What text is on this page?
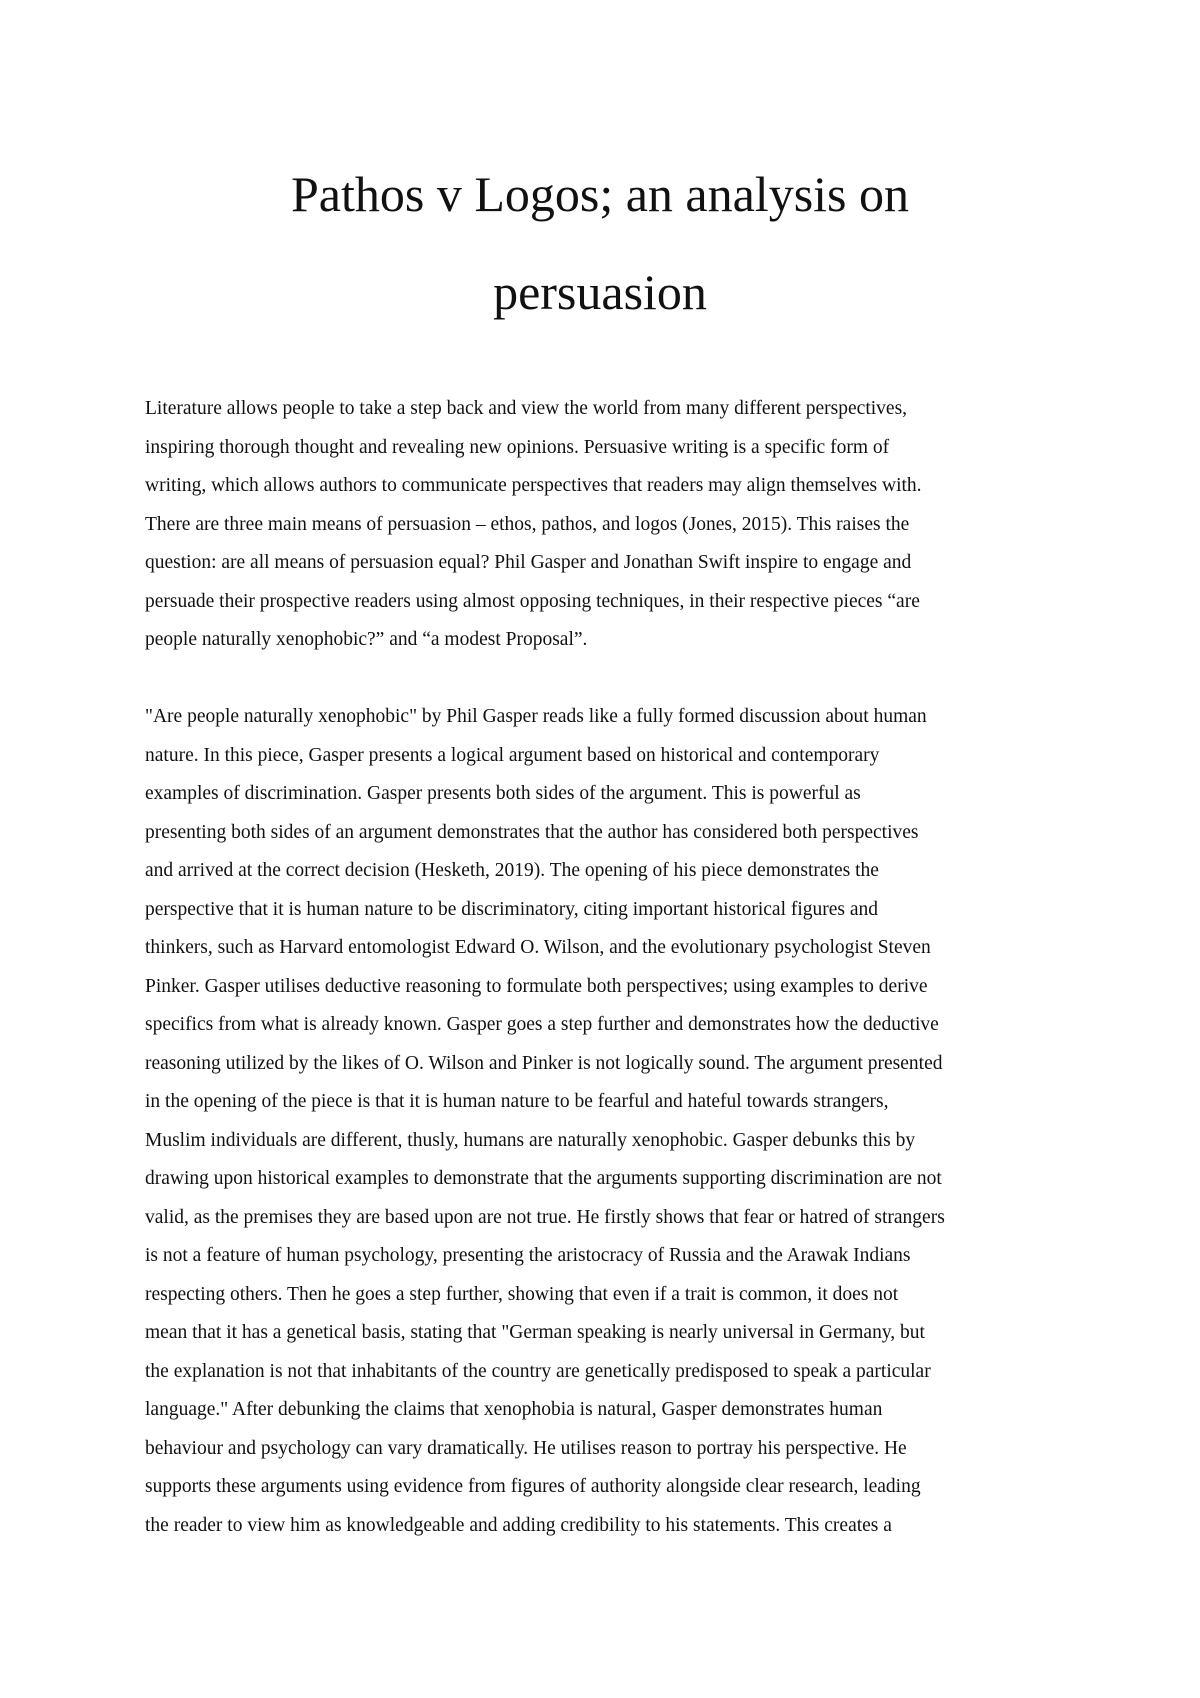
Pathos v Logos; an analysis on
persuasion

Literature allows people to take a step back and view the world from many different perspectives,
inspiring thorough thought and revealing new opinions. Persuasive writing is a specific form of
writing, which allows authors to communicate perspectives that readers may align themselves with.
There are three main means of persuasion – ethos, pathos, and logos (Jones, 2015). This raises the
question: are all means of persuasion equal? Phil Gasper and Jonathan Swift inspire to engage and
persuade their prospective readers using almost opposing techniques, in their respective pieces “are
people naturally xenophobic?” and “a modest Proposal”.

"Are people naturally xenophobic" by Phil Gasper reads like a fully formed discussion about human
nature. In this piece, Gasper presents a logical argument based on historical and contemporary
examples of discrimination. Gasper presents both sides of the argument. This is powerful as
presenting both sides of an argument demonstrates that the author has considered both perspectives
and arrived at the correct decision (Hesketh, 2019). The opening of his piece demonstrates the
perspective that it is human nature to be discriminatory, citing important historical figures and
thinkers, such as Harvard entomologist Edward O. Wilson, and the evolutionary psychologist Steven
Pinker. Gasper utilises deductive reasoning to formulate both perspectives; using examples to derive
specifics from what is already known. Gasper goes a step further and demonstrates how the deductive
reasoning utilized by the likes of O. Wilson and Pinker is not logically sound. The argument presented
in the opening of the piece is that it is human nature to be fearful and hateful towards strangers,
Muslim individuals are different, thusly, humans are naturally xenophobic. Gasper debunks this by
drawing upon historical examples to demonstrate that the arguments supporting discrimination are not
valid, as the premises they are based upon are not true. He firstly shows that fear or hatred of strangers
is not a feature of human psychology, presenting the aristocracy of Russia and the Arawak Indians
respecting others. Then he goes a step further, showing that even if a trait is common, it does not
mean that it has a genetical basis, stating that "German speaking is nearly universal in Germany, but
the explanation is not that inhabitants of the country are genetically predisposed to speak a particular
language." After debunking the claims that xenophobia is natural, Gasper demonstrates human
behaviour and psychology can vary dramatically. He utilises reason to portray his perspective. He
supports these arguments using evidence from figures of authority alongside clear research, leading
the reader to view him as knowledgeable and adding credibility to his statements. This creates a
